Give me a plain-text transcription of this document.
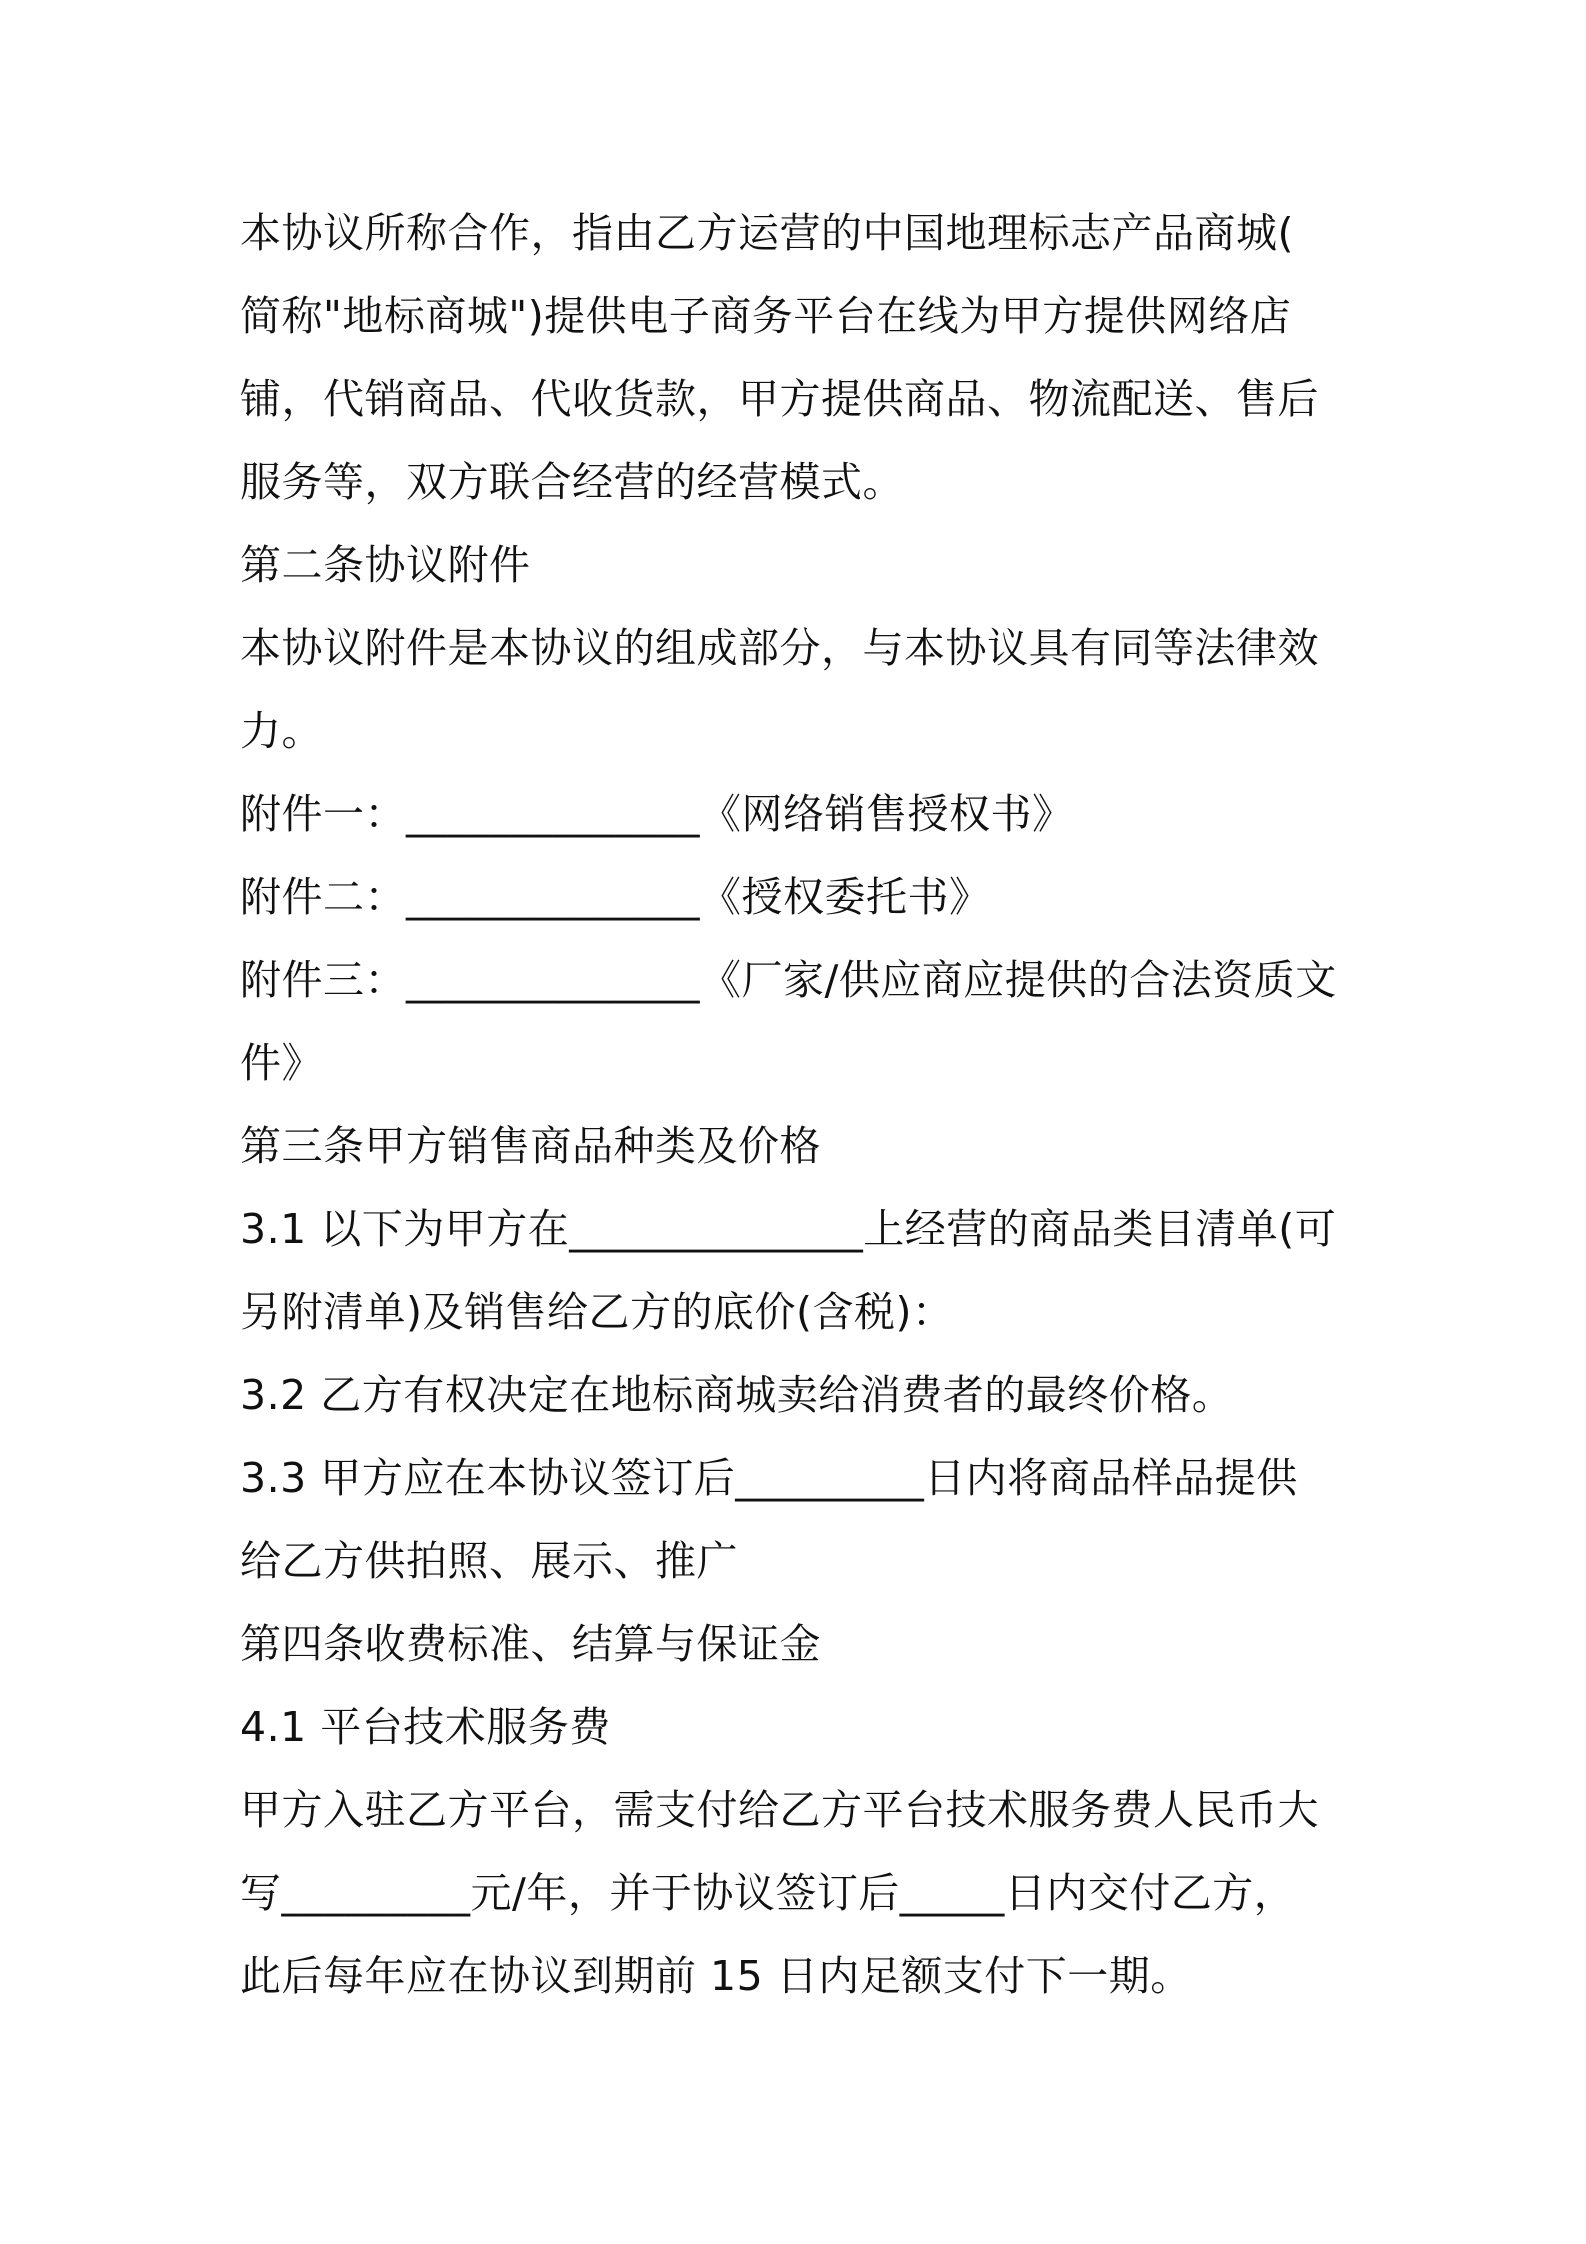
本协议所称合作，指由乙方运营的中国地理标志产品商城(
简称"地标商城")提供电子商务平台在线为甲方提供网络店
铺，代销商品、代收货款，甲方提供商品、物流配送、售后
服务等，双方联合经营的经营模式。
第二条协议附件
本协议附件是本协议的组成部分，与本协议具有同等法律效
力。
附件一：______________《网络销售授权书》
附件二：______________《授权委托书》
附件三：______________《厂家/供应商应提供的合法资质文
件》
第三条甲方销售商品种类及价格
3.1 以下为甲方在______________上经营的商品类目清单(可
另附清单)及销售给乙方的底价(含税)：
3.2 乙方有权决定在地标商城卖给消费者的最终价格。
3.3 甲方应在本协议签订后_________日内将商品样品提供
给乙方供拍照、展示、推广
第四条收费标准、结算与保证金
4.1 平台技术服务费
甲方入驻乙方平台，需支付给乙方平台技术服务费人民币大
写_________元/年，并于协议签订后_____日内交付乙方，
此后每年应在协议到期前 15 日内足额支付下一期。
